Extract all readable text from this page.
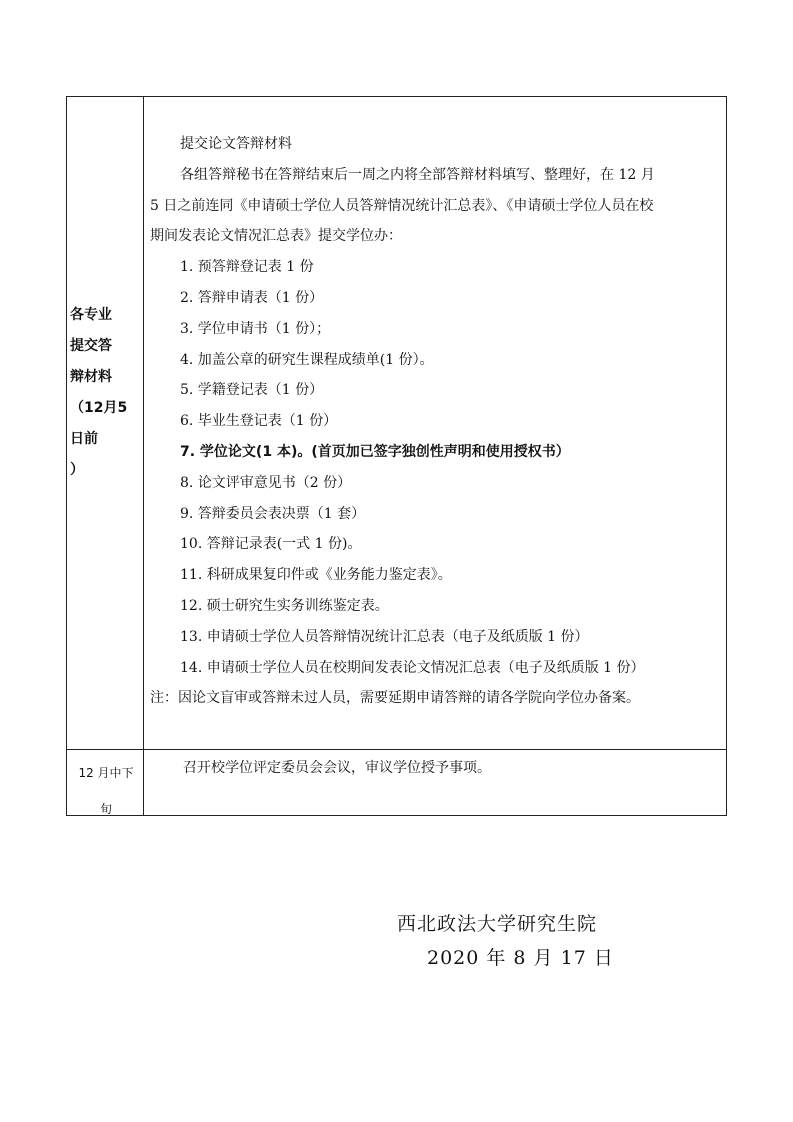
各专业
提交答
辩材料
（12月5
日前
）
提交论文答辩材料
各组答辩秘书在答辩结束后一周之内将全部答辩材料填写、整理好，在 12 月
5 日之前连同《申请硕士学位人员答辩情况统计汇总表》、《申请硕士学位人员在校
期间发表论文情况汇总表》提交学位办：
1. 预答辩登记表 1 份
2. 答辩申请表（1 份）
3. 学位申请书（1 份）；
4. 加盖公章的研究生课程成绩单(1 份）。
5. 学籍登记表（1 份）
6. 毕业生登记表（1 份）
7. 学位论文(1 本)。(首页加已签字独创性声明和使用授权书）
8. 论文评审意见书（2 份）
9. 答辩委员会表决票（1 套）
10. 答辩记录表(一式 1 份)。
11. 科研成果复印件或《业务能力鉴定表》。
12. 硕士研究生实务训练鉴定表。
13. 申请硕士学位人员答辩情况统计汇总表（电子及纸质版 1 份）
14. 申请硕士学位人员在校期间发表论文情况汇总表（电子及纸质版 1 份）
注：因论文盲审或答辩未过人员，需要延期申请答辩的请各学院向学位办备案。
12 月中下
旬
召开校学位评定委员会会议，审议学位授予事项。
西北政法大学研究生院
2020 年 8 月 17 日
